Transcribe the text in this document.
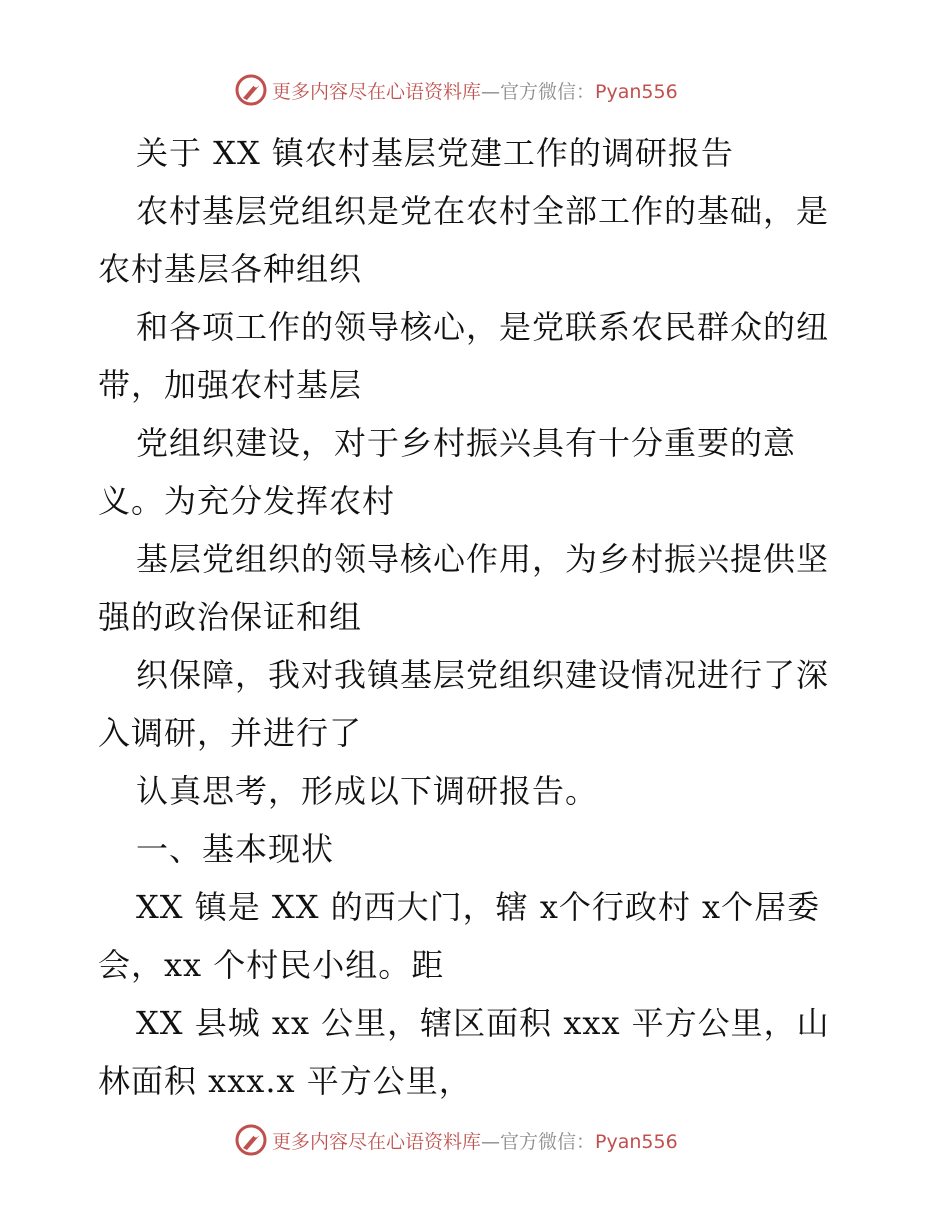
更多内容尽在心语资料库—官方微信：Pyan556
关于 XX 镇农村基层党建工作的调研报告
农村基层党组织是党在农村全部工作的基础，是
农村基层各种组织
和各项工作的领导核心，是党联系农民群众的纽
带，加强农村基层
党组织建设，对于乡村振兴具有十分重要的意
义。为充分发挥农村
基层党组织的领导核心作用，为乡村振兴提供坚
强的政治保证和组
织保障，我对我镇基层党组织建设情况进行了深
入调研，并进行了
认真思考，形成以下调研报告。
一、基本现状
XX 镇是 XX 的西大门，辖 x个行政村 x个居委
会，xx 个村民小组。距
XX 县城 xx 公里，辖区面积 xxx 平方公里，山
林面积 xxx.x 平方公里，
更多内容尽在心语资料库—官方微信：Pyan556
